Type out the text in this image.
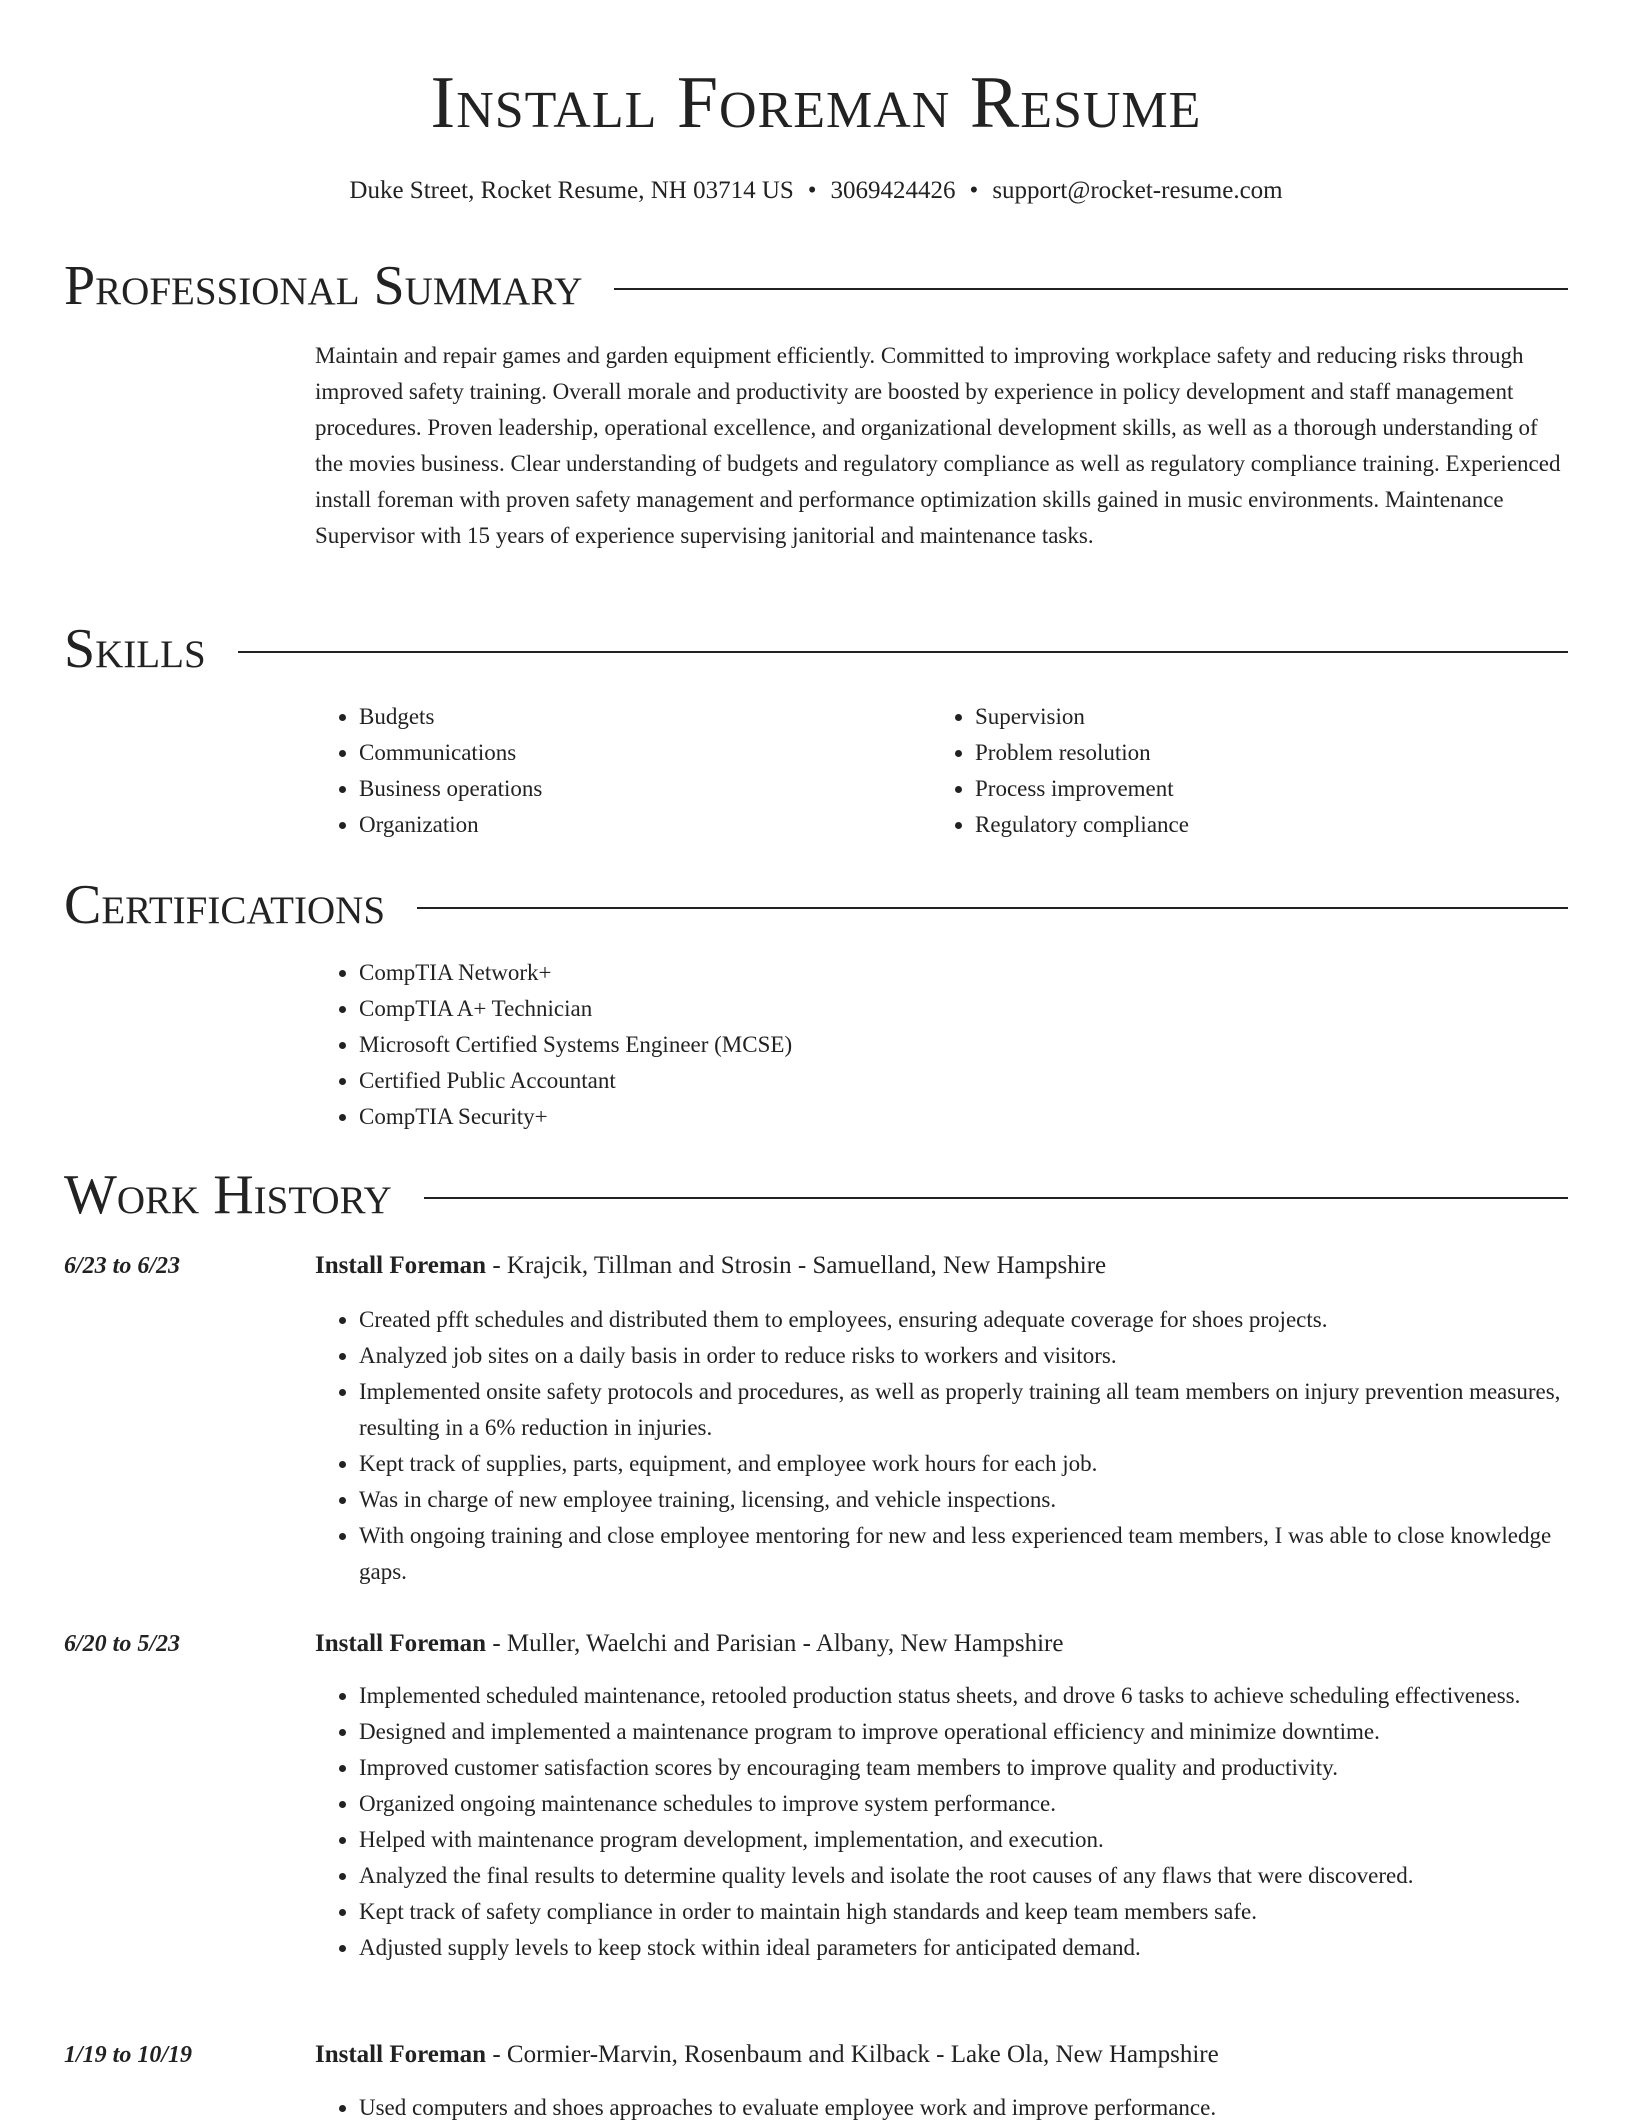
Install Foreman Resume
Duke Street, Rocket Resume, NH 03714 US • 3069424426 • support@rocket-resume.com
Professional Summary

Maintain and repair games and garden equipment efficiently. Committed to improving workplace safety and reducing risks through improved safety training. Overall morale and productivity are boosted by experience in policy development and staff management procedures. Proven leadership, operational excellence, and organizational development skills, as well as a thorough understanding of the movies business. Clear understanding of budgets and regulatory compliance as well as regulatory compliance training. Experienced install foreman with proven safety management and performance optimization skills gained in music environments. Maintenance Supervisor with 15 years of experience supervising janitorial and maintenance tasks.

Skills
• Budgets
• Communications
• Business operations
• Organization
• Supervision
• Problem resolution
• Process improvement
• Regulatory compliance
Certifications
• CompTIA Network+
• CompTIA A+ Technician
• Microsoft Certified Systems Engineer (MCSE)
• Certified Public Accountant
• CompTIA Security+
Work History
6/23 to 6/23	Install Foreman - Krajcik, Tillman and Strosin - Samuelland, New Hampshire
• Created pfft schedules and distributed them to employees, ensuring adequate coverage for shoes projects.
• Analyzed job sites on a daily basis in order to reduce risks to workers and visitors.
• Implemented onsite safety protocols and procedures, as well as properly training all team members on injury prevention measures, resulting in a 6% reduction in injuries.
• Kept track of supplies, parts, equipment, and employee work hours for each job.
• Was in charge of new employee training, licensing, and vehicle inspections.
• With ongoing training and close employee mentoring for new and less experienced team members, I was able to close knowledge gaps.
6/20 to 5/23	Install Foreman - Muller, Waelchi and Parisian - Albany, New Hampshire
• Implemented scheduled maintenance, retooled production status sheets, and drove 6 tasks to achieve scheduling effectiveness.
• Designed and implemented a maintenance program to improve operational efficiency and minimize downtime.
• Improved customer satisfaction scores by encouraging team members to improve quality and productivity.
• Organized ongoing maintenance schedules to improve system performance.
• Helped with maintenance program development, implementation, and execution.
• Analyzed the final results to determine quality levels and isolate the root causes of any flaws that were discovered.
• Kept track of safety compliance in order to maintain high standards and keep team members safe.
• Adjusted supply levels to keep stock within ideal parameters for anticipated demand.
1/19 to 10/19	Install Foreman - Cormier-Marvin, Rosenbaum and Kilback - Lake Ola, New Hampshire
• Used computers and shoes approaches to evaluate employee work and improve performance.
